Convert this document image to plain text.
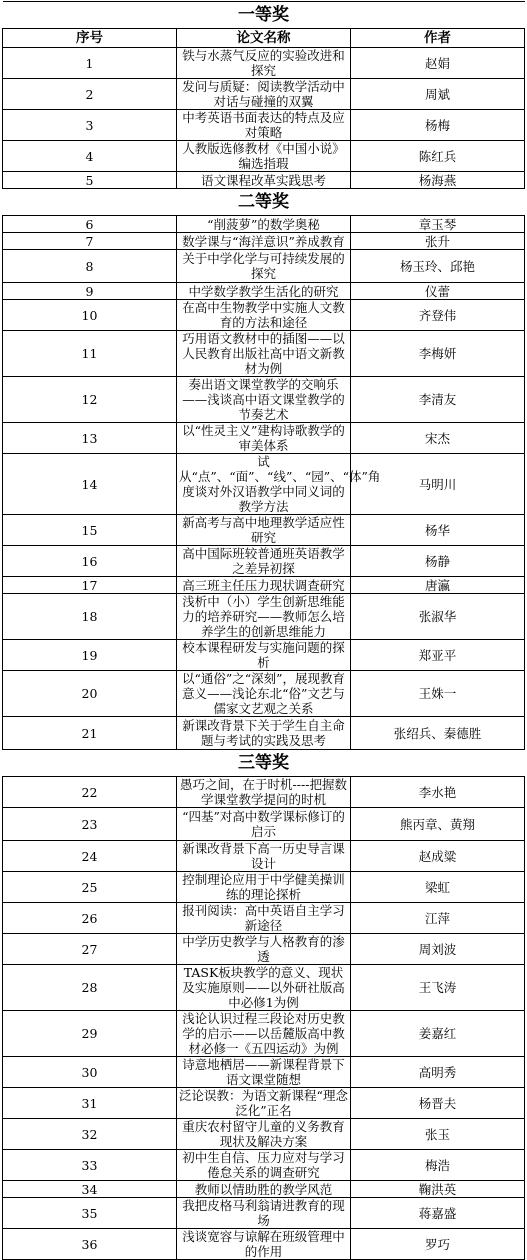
一等奖		
序号	论文名称	作者
1	铁与水蒸气反应的实验改进和探究	赵娟
2	发问与质疑：阅读教学活动中对话与碰撞的双翼	周斌
3	中考英语书面表达的特点及应对策略	杨梅
4	人教版选修教材《中国小说》编选指瑕	陈红兵
5	语文课程改革实践思考	杨海燕
二等奖		
6	“削菠萝”的数学奥秘	章玉琴
7	数学课与“海洋意识”养成教育	张升
8	关于中学化学与可持续发展的探究	杨玉玲、邱艳
9	中学数学教学生活化的研究	仪蕾
10	在高中生物教学中实施人文教育的方法和途径	齐登伟
11	巧用语文教材中的插图——以人民教育出版社高中语文新教材为例	李梅妍
12	奏出语文课堂教学的交响乐——浅谈高中语文课堂教学的节奏艺术	李清友
13	以“性灵主义”建构诗歌教学的审美体系	宋杰
14	试从“点”、“面”、“线”、“园”、“体”角度谈对外汉语教学中同义词的教学方法	马明川
15	新高考与高中地理教学适应性研究	杨华
16	高中国际班较普通班英语教学之差异初探	杨静
17	高三班主任压力现状调查研究	唐瀛
18	浅析中（小）学生创新思维能力的培养研究——教师怎么培养学生的创新思维能力	张淑华
19	校本课程研发与实施问题的探析	郑亚平
20	以“通俗”之“深刻”，展现教育意义——浅论东北“俗”文艺与儒家文艺观之关系	王姝一
21	新课改背景下关于学生自主命题与考试的实践及思考	张绍兵、秦德胜
三等奖		
22	愚巧之间，在于时机----把握数学课堂教学提问的时机	李水艳
23	“四基”对高中数学课标修订的启示	熊丙章、黄翔
24	新课改背景下高一历史导言课设计	赵成粱
25	控制理论应用于中学健美操训练的理论探析	梁虹
26	报刊阅读：高中英语自主学习新途径	江萍
27	中学历史教学与人格教育的渗透	周刘波
28	TASK板块教学的意义、现状及实施原则——以外研社版高中必修1为例	王飞涛
29	浅论认识过程三段论对历史教学的启示——以岳麓版高中教材必修一《五四运动》为例	姜嘉红
30	诗意地栖居——新课程背景下语文课堂随想	高明秀
31	泛论误教：为语文新课程“理念泛化”正名	杨晋夫
32	重庆农村留守儿童的义务教育现状及解决方案	张玉
33	初中生自信、压力应对与学习倦怠关系的调查研究	梅浩
34	教师以情助胜的教学风范	鞠洪英
35	我把皮格马利翁请进教育的现场	蒋嘉盛
36	浅谈宽容与谅解在班级管理中的作用	罗巧
